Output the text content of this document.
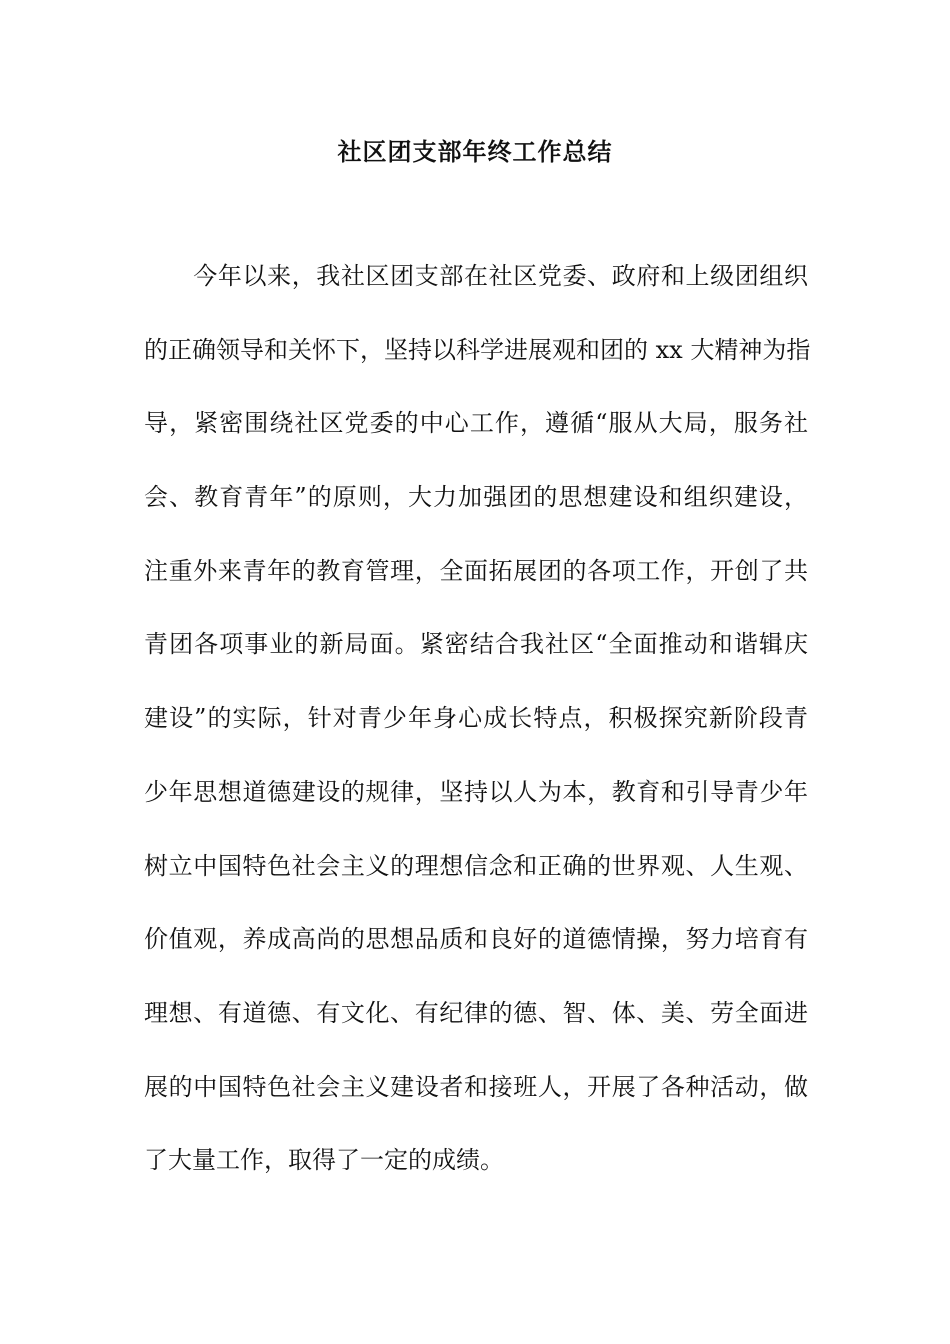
社区团支部年终工作总结
　　今年以来，我社区团支部在社区党委、政府和上级团组织
的正确领导和关怀下，坚持以科学进展观和团的 xx 大精神为指
导，紧密围绕社区党委的中心工作，遵循“服从大局，服务社
会、教育青年”的原则，大力加强团的思想建设和组织建设，
注重外来青年的教育管理，全面拓展团的各项工作，开创了共
青团各项事业的新局面。紧密结合我社区“全面推动和谐辑庆
建设”的实际，针对青少年身心成长特点，积极探究新阶段青
少年思想道德建设的规律，坚持以人为本，教育和引导青少年
树立中国特色社会主义的理想信念和正确的世界观、人生观、
价值观，养成高尚的思想品质和良好的道德情操，努力培育有
理想、有道德、有文化、有纪律的德、智、体、美、劳全面进
展的中国特色社会主义建设者和接班人，开展了各种活动，做
了大量工作，取得了一定的成绩。
